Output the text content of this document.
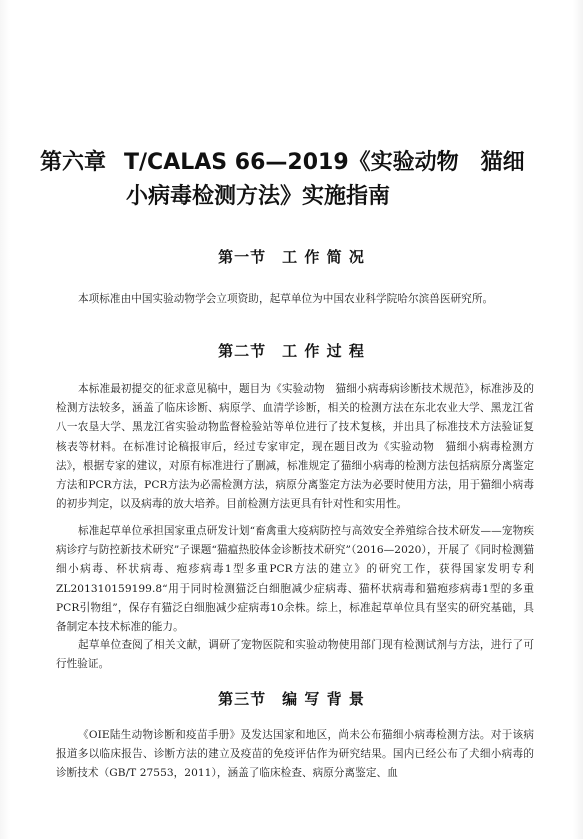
第六章 T/CALAS 66—2019《实验动物　猫细
小病毒检测方法》实施指南
第一节　工 作 简 况
本项标准由中国实验动物学会立项资助，起草单位为中国农业科学院哈尔滨兽医研究所。
第二节　工 作 过 程
本标准最初提交的征求意见稿中，题目为《实验动物　猫细小病毒病诊断技术规范》，标准涉及的检测方法较多，涵盖了临床诊断、病原学、血清学诊断，相关的检测方法在东北农业大学、黑龙江省八一农垦大学、黑龙江省实验动物监督检验站等单位进行了技术复核，并出具了标准技术方法验证复核表等材料。在标准讨论稿报审后，经过专家审定，现在题目改为《实验动物　猫细小病毒检测方法》，根据专家的建议，对原有标准进行了删减，标准规定了猫细小病毒的检测方法包括病原分离鉴定方法和PCR方法，PCR方法为必需检测方法，病原分离鉴定方法为必要时使用方法，用于猫细小病毒的初步判定，以及病毒的放大培养。目前检测方法更具有针对性和实用性。
标准起草单位承担国家重点研发计划“畜禽重大疫病防控与高效安全养殖综合技术研发——宠物疾病诊疗与防控新技术研究”子课题“猫瘟热胶体金诊断技术研究”（2016—2020），开展了《同时检测猫细小病毒、杯状病毒、疱疹病毒1型多重PCR方法的建立》的研究工作，获得国家发明专利ZL201310159199.8“用于同时检测猫泛白细胞减少症病毒、猫杯状病毒和猫疱疹病毒1型的多重PCR引物组”，保存有猫泛白细胞减少症病毒10余株。综上，标准起草单位具有坚实的研究基础，具备制定本技术标准的能力。
起草单位查阅了相关文献，调研了宠物医院和实验动物使用部门现有检测试剂与方法，进行了可行性验证。
第三节　编 写 背 景
《OIE陆生动物诊断和疫苗手册》及发达国家和地区，尚未公布猫细小病毒检测方法。对于该病报道多以临床报告、诊断方法的建立及疫苗的免疫评估作为研究结果。国内已经公布了犬细小病毒的诊断技术（GB/T 27553，2011），涵盖了临床检查、病原分离鉴定、血
